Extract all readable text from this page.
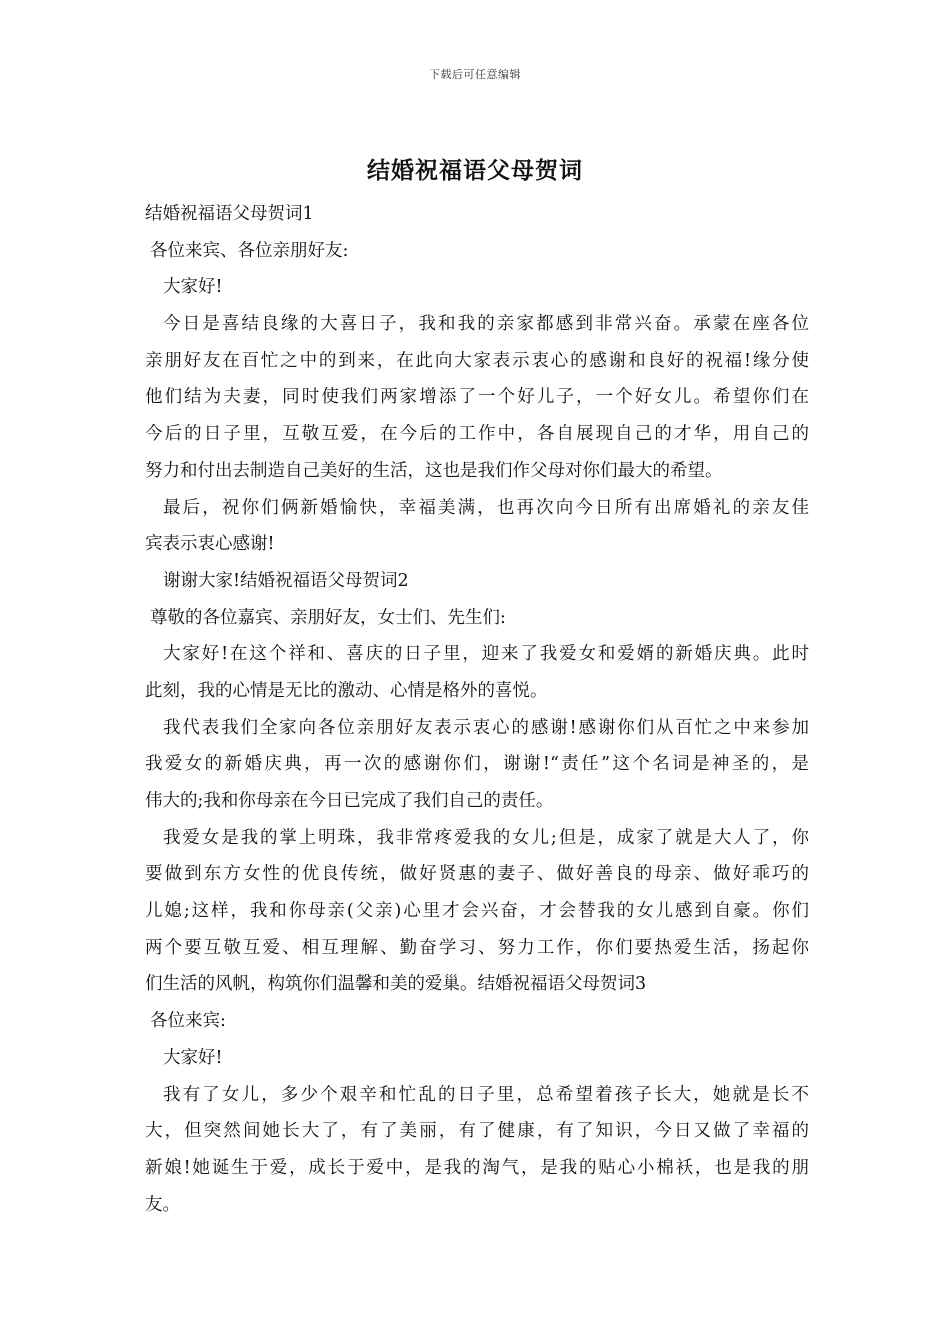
下载后可任意编辑
结婚祝福语父母贺词
结婚祝福语父母贺词1
各位来宾、各位亲朋好友:
大家好!
今日是喜结良缘的大喜日子，我和我的亲家都感到非常兴奋。承蒙在座各位
亲朋好友在百忙之中的到来，在此向大家表示衷心的感谢和良好的祝福!缘分使
他们结为夫妻，同时使我们两家增添了一个好儿子，一个好女儿。希望你们在
今后的日子里，互敬互爱，在今后的工作中，各自展现自己的才华，用自己的
努力和付出去制造自己美好的生活，这也是我们作父母对你们最大的希望。
最后，祝你们俩新婚愉快，幸福美满，也再次向今日所有出席婚礼的亲友佳
宾表示衷心感谢!
谢谢大家!结婚祝福语父母贺词2
尊敬的各位嘉宾、亲朋好友，女士们、先生们:
大家好!在这个祥和、喜庆的日子里，迎来了我爱女和爱婿的新婚庆典。此时
此刻，我的心情是无比的激动、心情是格外的喜悦。
我代表我们全家向各位亲朋好友表示衷心的感谢!感谢你们从百忙之中来参加
我爱女的新婚庆典，再一次的感谢你们，谢谢!“责任”这个名词是神圣的，是
伟大的;我和你母亲在今日已完成了我们自己的责任。
我爱女是我的掌上明珠，我非常疼爱我的女儿;但是，成家了就是大人了，你
要做到东方女性的优良传统，做好贤惠的妻子、做好善良的母亲、做好乖巧的
儿媳;这样，我和你母亲(父亲)心里才会兴奋，才会替我的女儿感到自豪。你们
两个要互敬互爱、相互理解、勤奋学习、努力工作，你们要热爱生活，扬起你
们生活的风帆，构筑你们温馨和美的爱巢。结婚祝福语父母贺词3
各位来宾:
大家好!
我有了女儿，多少个艰辛和忙乱的日子里，总希望着孩子长大，她就是长不
大，但突然间她长大了，有了美丽，有了健康，有了知识，今日又做了幸福的
新娘!她诞生于爱，成长于爱中，是我的淘气，是我的贴心小棉袄，也是我的朋
友。
